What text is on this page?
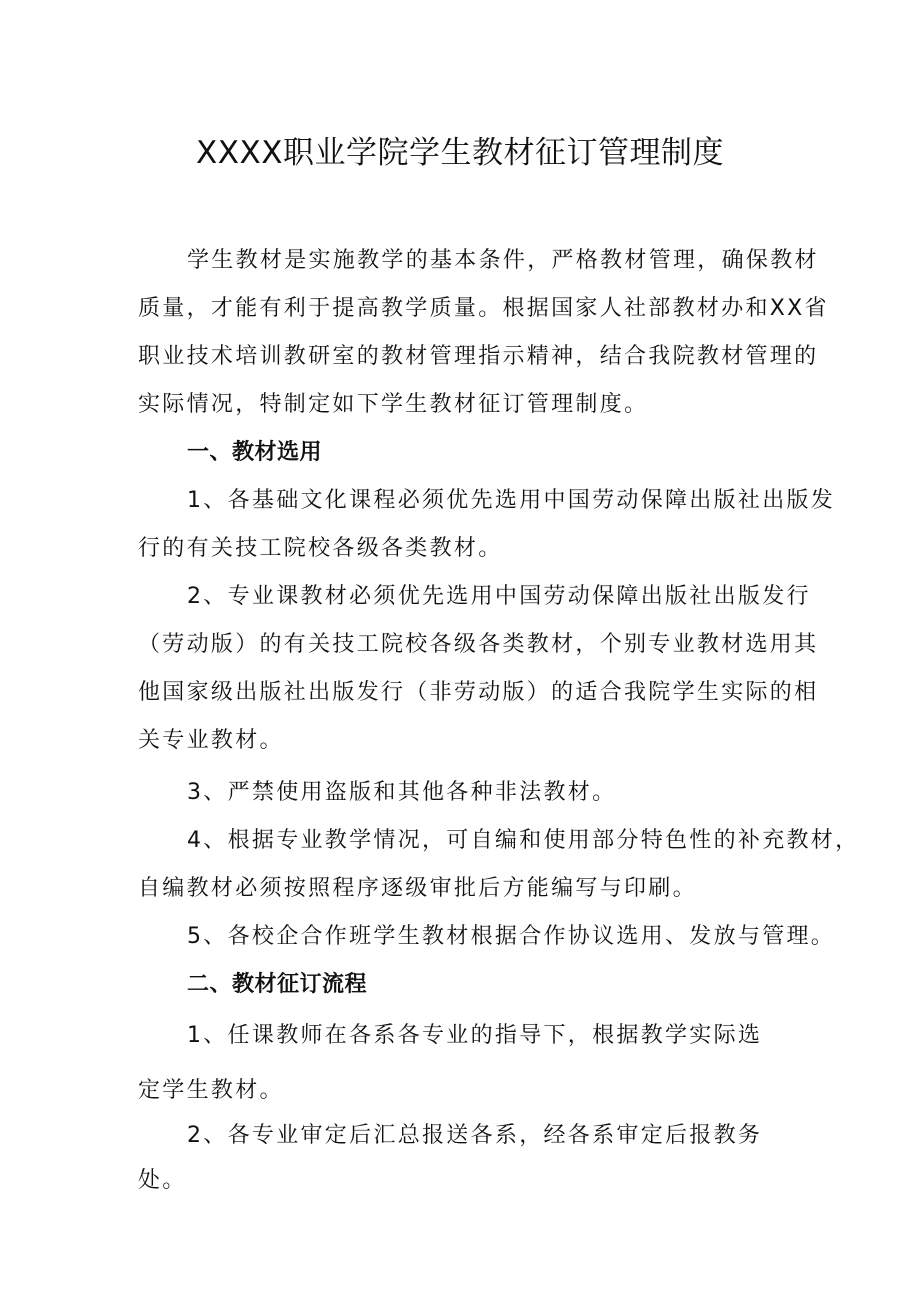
XXXX职业学院学生教材征订管理制度
学生教材是实施教学的基本条件，严格教材管理，确保教材
质量，才能有利于提高教学质量。根据国家人社部教材办和XX省
职业技术培训教研室的教材管理指示精神，结合我院教材管理的
实际情况，特制定如下学生教材征订管理制度。
一、教材选用
1、各基础文化课程必须优先选用中国劳动保障出版社出版发
行的有关技工院校各级各类教材。
2、专业课教材必须优先选用中国劳动保障出版社出版发行
（劳动版）的有关技工院校各级各类教材，个别专业教材选用其
他国家级出版社出版发行（非劳动版）的适合我院学生实际的相
关专业教材。
3、严禁使用盗版和其他各种非法教材。
4、根据专业教学情况，可自编和使用部分特色性的补充教材，
自编教材必须按照程序逐级审批后方能编写与印刷。
5、各校企合作班学生教材根据合作协议选用、发放与管理。
二、教材征订流程
1、任课教师在各系各专业的指导下，根据教学实际选
定学生教材。
2、各专业审定后汇总报送各系，经各系审定后报教务
处。
